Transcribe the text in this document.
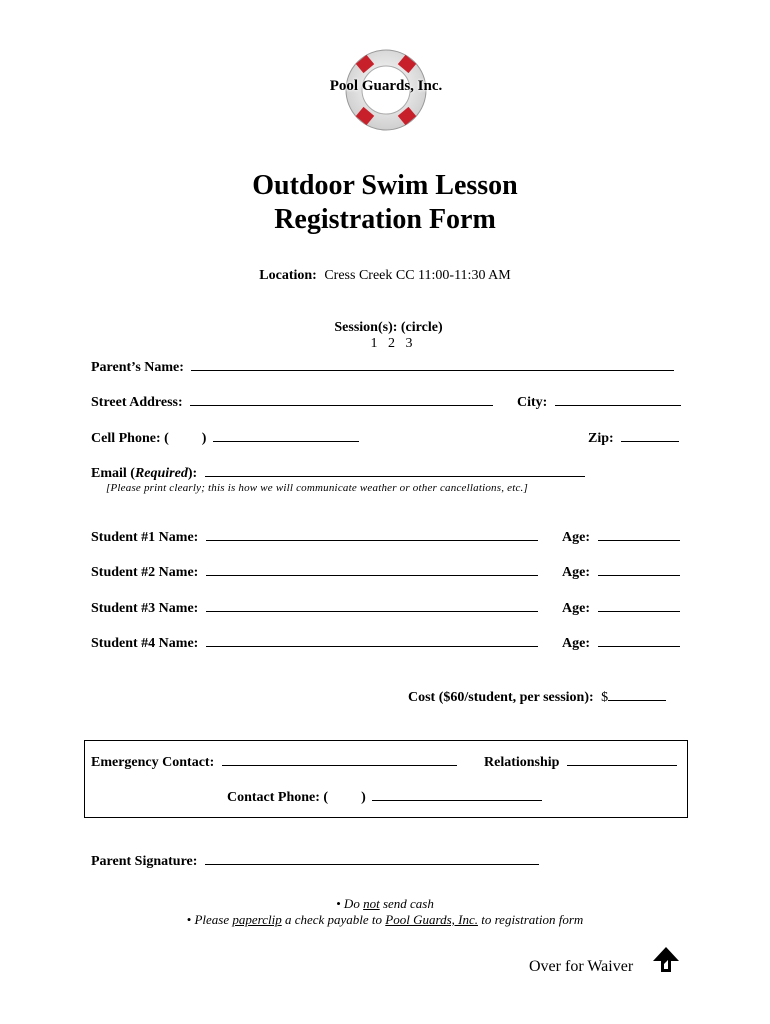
Pool Guards, Inc.
Outdoor Swim Lesson
Registration Form
Location: Cress Creek CC 11:00-11:30 AM

Session(s): (circle)
1   2   3

Parent’s Name:
Street Address:	City:
Cell Phone: ( )	Zip:
Email (Required):
[Please print clearly; this is how we will communicate weather or other cancellations, etc.]
Student #1 Name:	Age:
Student #2 Name:	Age:
Student #3 Name:	Age:
Student #4 Name:	Age:
Cost ($60/student, per session): $
Emergency Contact:	Relationship
Contact Phone: ( )
Parent Signature:
• Do not send cash
• Please paperclip a check payable to Pool Guards, Inc. to registration form
Over for Waiver
